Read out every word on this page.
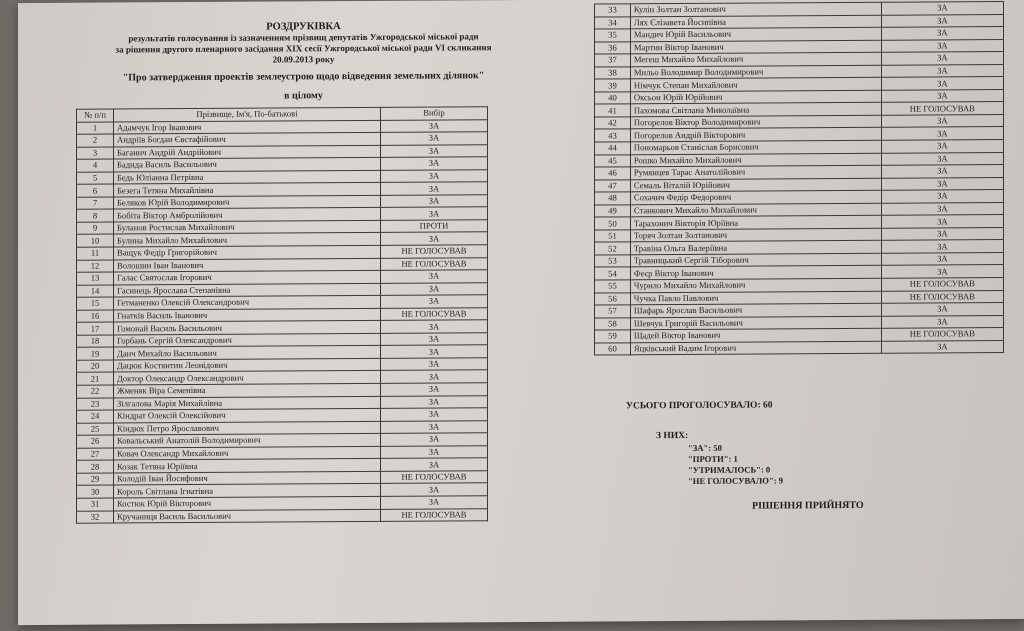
РОЗДРУКІВКА
результатів голосування із зазначенням прізвищ депутатів Ужгородської міської ради
за рішення другого пленарного засідання XIX сесії Ужгородської міської ради VI скликання 20.09.2013 року
"Про затвердження проектів землеустрою щодо відведення земельних ділянок"
в цілому
№ п/п	Прізвище, Ім'я, По-батькові	Вибір
1	Адамчук Ігор Іванович	ЗА
2	Андріїв Богдан Євстафійович	ЗА
3	Баганич Андрій Андрійович	ЗА
4	Бадида Василь Васильович	ЗА
5	Бедь Юліанна Петрівна	ЗА
6	Безега Тетяна Михайлівна	ЗА
7	Беляков Юрій Володимирович	ЗА
8	Бобіта Віктор Амбролійович	ЗА
9	Буланов Ростислав Михайлович	ПРОТИ
10	Булина Михайло Михайлович	ЗА
11	Ващук Федір Григорійович	НЕ ГОЛОСУВАВ
12	Волошин Іван Іванович	НЕ ГОЛОСУВАВ
13	Галас Святослав Ігорович	ЗА
14	Гасинець Ярослава Степанівна	ЗА
15	Гетманенко Олексій Олександрович	ЗА
16	Гнатків Василь Іванович	НЕ ГОЛОСУВАВ
17	Гомонай Василь Васильович	ЗА
18	Горбань Сергій Олександрович	ЗА
19	Данч Михайло Васильович	ЗА
20	Дацюк Костянтин Леонідович	ЗА
21	Доктор Олександр Олександрович	ЗА
22	Жменяк Віра Семенівна	ЗА
23	Зілгалова Марія Михайлівна	ЗА
24	Кіндрат Олексій Олексійович	ЗА
25	Кіндюх Петро Ярославович	ЗА
26	Ковальський Анатолій Володимирович	ЗА
27	Ковач Олександр Михайлович	ЗА
28	Козак Тетяна Юріївна	ЗА
29	Колодій Іван Йосифович	НЕ ГОЛОСУВАВ
30	Король Світлана Ігнатівна	ЗА
31	Костюк Юрій Вікторович	ЗА
32	Кручаниця Василь Васильович	НЕ ГОЛОСУВАВ
33	Кулін Золтан Золтанович	ЗА
34	Лях Єлізавета Йосипівна	ЗА
35	Мандич Юрій Васильович	ЗА
36	Мартин Віктор Іванович	ЗА
37	Мегеш Михайло Михайлович	ЗА
38	Мильо Володимир Володимирович	ЗА
39	Німчук Степан Михайлович	ЗА
40	Оксьон Юрій Юрійович	ЗА
41	Пахомова Світлана Миколаївна	НЕ ГОЛОСУВАВ
42	Погорелов Віктор Володимирович	ЗА
43	Погорелов Андрій Вікторович	ЗА
44	Пономарьов Станіслав Борисович	ЗА
45	Рошко Михайло Михайлович	ЗА
46	Румянцев Тарас Анатолійович	ЗА
47	Семаль Віталій Юрійович	ЗА
48	Сохачич Федір Федорович	ЗА
49	Станкович Михайло Михайлович	ЗА
50	Тарахонич Вікторія Юріївна	ЗА
51	Торяч Золтан Золтанович	ЗА
52	Травіна Ольга Валеріївна	ЗА
53	Травницький Сергій Тіборович	ЗА
54	Феєр Віктор Іванович	ЗА
55	Чурило Михайло Михайлович	НЕ ГОЛОСУВАВ
56	Чучка Павло Павлович	НЕ ГОЛОСУВАВ
57	Шафарь Ярослав Васильович	ЗА
58	Шевчук Григорій Васильович	ЗА
59	Щадей Віктор Іванович	НЕ ГОЛОСУВАВ
60	Яцківський Вадим Ігорович	ЗА
УСЬОГО ПРОГОЛОСУВАЛО: 60
З НИХ:
"ЗА": 50
"ПРОТИ": 1
"УТРИМАЛОСЬ": 0
"НЕ ГОЛОСУВАЛО": 9
РІШЕННЯ ПРИЙНЯТО
